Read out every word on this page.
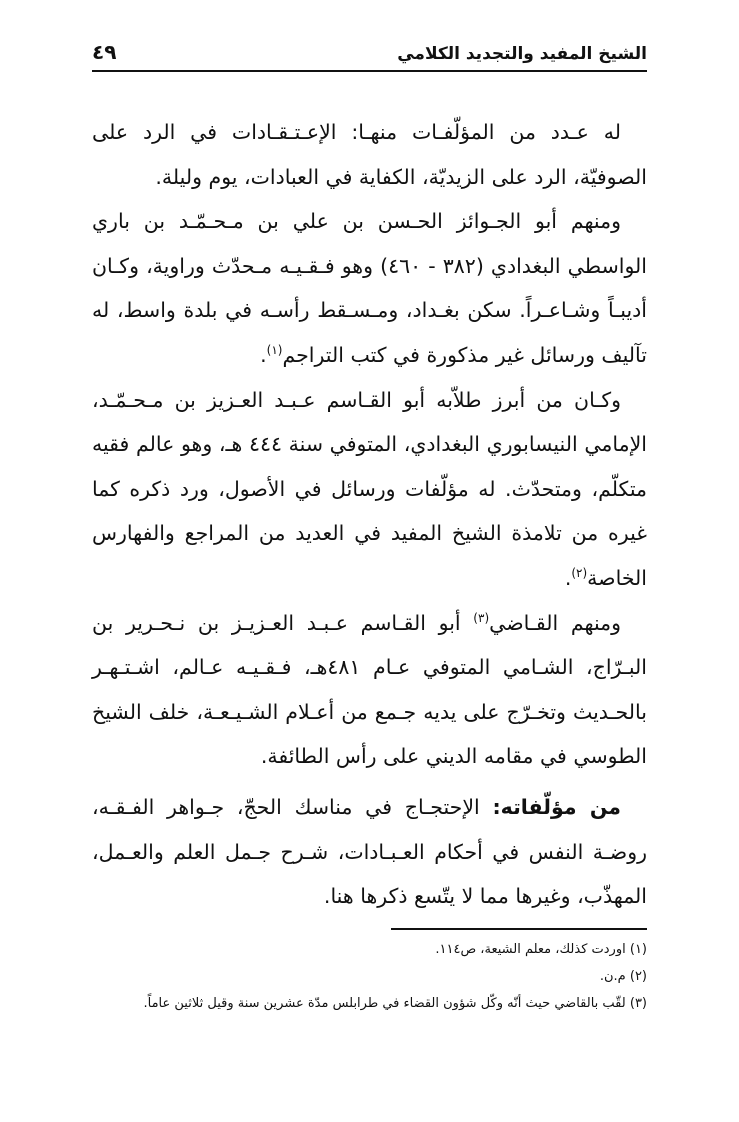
الشيخ المفيد والتجديد الكلامي
٤٩

له عـدد من المؤلّفـات منهـا: الإعـتـقـادات في الرد على الصوفيّة، الرد على الزيديّة، الكفاية في العبادات، يوم وليلة.

ومنهم أبو الجـوائز الحـسن بن علي بن مـحـمّـد بن باري الواسطي البغدادي (٣٨٢ - ٤٦٠) وهو فـقـيـه مـحدّث وراوية، وكـان أديبـاً وشـاعـراً. سكن بغـداد، ومـسـقط رأسـه في بلدة واسط، له تآليف ورسائل غير مذكورة في كتب التراجم$^{(١)}$.

وكـان من أبرز طلاّبه أبو القـاسم عـبـد العـزيز بن مـحـمّـد، الإمامي النيسابوري البغدادي، المتوفي سنة ٤٤٤ هـ، وهو عالم فقيه متكلّم، ومتحدّث. له مؤلّفات ورسائل في الأصول، ورد ذكره كما غيره من تلامذة الشيخ المفيد في العديد من المراجع والفهارس الخاصة$^{(٢)}$.

ومنهم القـاضي$^{(٣)}$ أبو القـاسم عـبـد العـزيـز بن نـحـرير بن البـرّاج، الشـامي المتوفي عـام ٤٨١هـ، فـقـيـه عـالم، اشـتـهـر بالحـديث وتخـرّج على يديه جـمع من أعـلام الشـيـعـة، خلف الشيخ الطوسي في مقامه الديني على رأس الطائفة.

من مؤلّفاته: الإحتجـاج في مناسك الحجّ، جـواهر الفـقـه، روضـة النفس في أحكام العـبـادات، شـرح جـمل العلم والعـمل، المهذّب، وغيرها مما لا يتّسع ذكرها هنا.

(١) اوردت كذلك، معلم الشيعة، ص١١٤.

(٢) م.ن.

(٣) لقّب بالقاضي حيث أنّه وكّل شؤون القضاء في طرابلس مدّة عشرين سنة وقيل ثلاثين عاماً.
